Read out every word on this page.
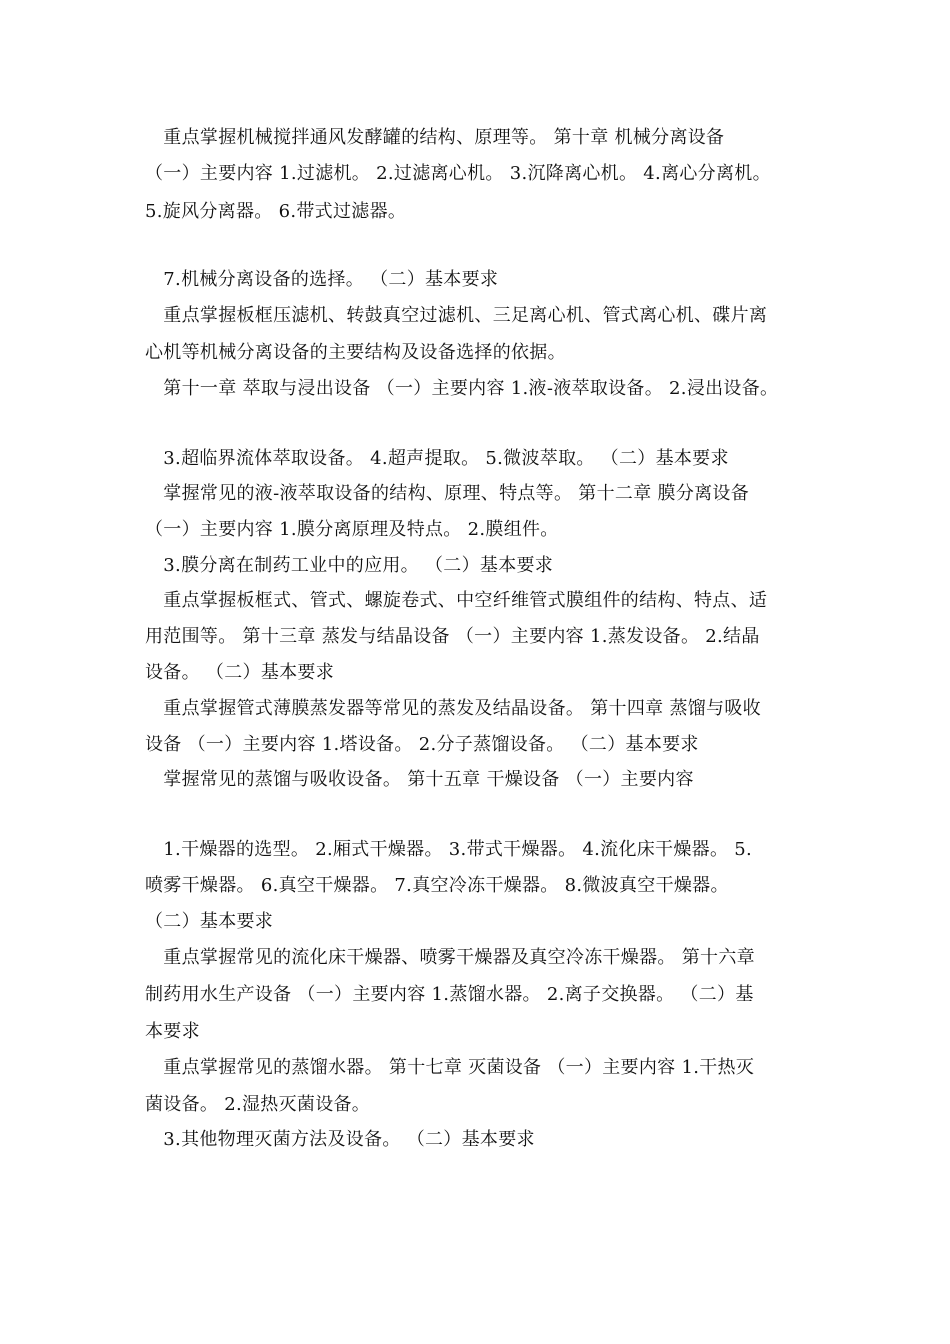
　重点掌握机械搅拌通风发酵罐的结构、原理等。 第十章 机械分离设备
（一）主要内容 1.过滤机。 2.过滤离心机。 3.沉降离心机。 4.离心分离机。
5.旋风分离器。 6.带式过滤器。
　7.机械分离设备的选择。 （二）基本要求
　重点掌握板框压滤机、转鼓真空过滤机、三足离心机、管式离心机、碟片离
心机等机械分离设备的主要结构及设备选择的依据。
　第十一章 萃取与浸出设备 （一）主要内容 1.液-液萃取设备。 2.浸出设备。
　3.超临界流体萃取设备。 4.超声提取。 5.微波萃取。 （二）基本要求
　掌握常见的液-液萃取设备的结构、原理、特点等。 第十二章 膜分离设备
（一）主要内容 1.膜分离原理及特点。 2.膜组件。
　3.膜分离在制药工业中的应用。 （二）基本要求
　重点掌握板框式、管式、螺旋卷式、中空纤维管式膜组件的结构、特点、适
用范围等。 第十三章 蒸发与结晶设备 （一）主要内容 1.蒸发设备。 2.结晶
设备。 （二）基本要求
　重点掌握管式薄膜蒸发器等常见的蒸发及结晶设备。 第十四章 蒸馏与吸收
设备 （一）主要内容 1.塔设备。 2.分子蒸馏设备。 （二）基本要求
　掌握常见的蒸馏与吸收设备。 第十五章 干燥设备 （一）主要内容
　1.干燥器的选型。 2.厢式干燥器。 3.带式干燥器。 4.流化床干燥器。 5.
喷雾干燥器。 6.真空干燥器。 7.真空冷冻干燥器。 8.微波真空干燥器。
（二）基本要求
　重点掌握常见的流化床干燥器、喷雾干燥器及真空冷冻干燥器。 第十六章
制药用水生产设备 （一）主要内容 1.蒸馏水器。 2.离子交换器。 （二）基
本要求
　重点掌握常见的蒸馏水器。 第十七章 灭菌设备 （一）主要内容 1.干热灭
菌设备。 2.湿热灭菌设备。
　3.其他物理灭菌方法及设备。 （二）基本要求
